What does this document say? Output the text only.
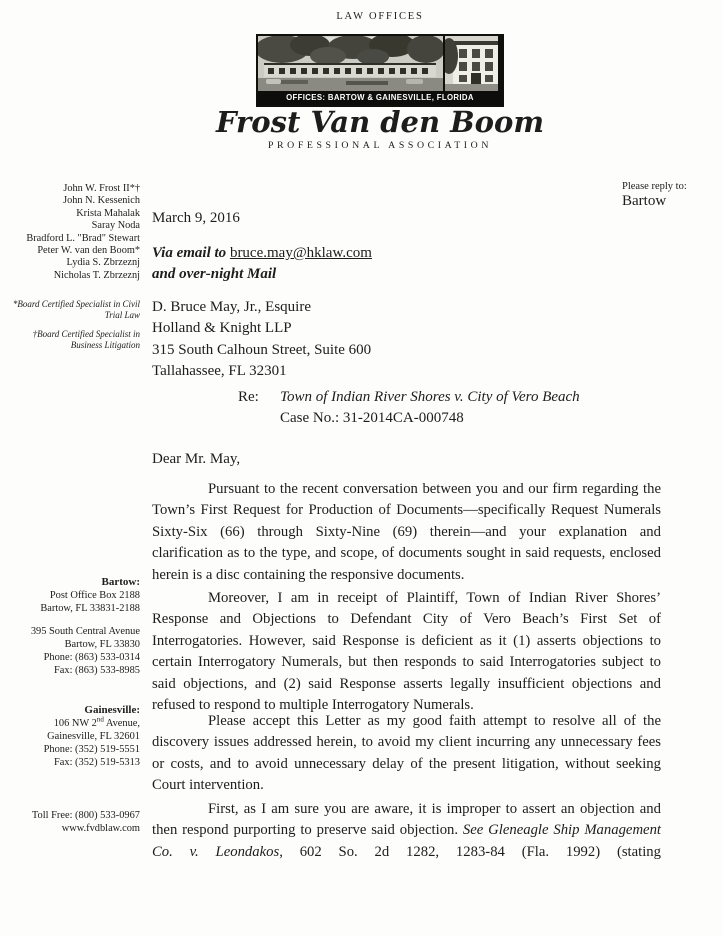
LAW OFFICES
OFFICES: BARTOW & GAINESVILLE, FLORIDA
Frost Van den Boom
PROFESSIONAL ASSOCIATION
Please reply to:
Bartow
John W. Frost II*†
John N. Kessenich
Krista Mahalak
Saray Noda
Bradford L. "Brad" Stewart
Peter W. van den Boom*
Lydia S. Zbrzeznj
Nicholas T. Zbrzeznj
*Board Certified Specialist in Civil Trial Law
†Board Certified Specialist in Business Litigation
Bartow:
Post Office Box 2188
Bartow, FL 33831-2188
395 South Central Avenue
Bartow, FL 33830
Phone: (863) 533-0314
Fax: (863) 533-8985
Gainesville:
106 NW 2nd Avenue,
Gainesville, FL 32601
Phone: (352) 519-5551
Fax: (352) 519-5313
Toll Free: (800) 533-0967
www.fvdblaw.com
March 9, 2016
Via email to bruce.may@hklaw.com
and over-night Mail
D. Bruce May, Jr., Esquire
Holland & Knight LLP
315 South Calhoun Street, Suite 600
Tallahassee, FL 32301
Re:	Town of Indian River Shores v. City of Vero Beach
Case No.: 31-2014CA-000748
Dear Mr. May,

Pursuant to the recent conversation between you and our firm regarding the Town’s First Request for Production of Documents—specifically Request Numerals Sixty-Six (66) through Sixty-Nine (69) therein—and your explanation and clarification as to the type, and scope, of documents sought in said requests, enclosed herein is a disc containing the responsive documents.

Moreover, I am in receipt of Plaintiff, Town of Indian River Shores’ Response and Objections to Defendant City of Vero Beach’s First Set of Interrogatories. However, said Response is deficient as it (1) asserts objections to certain Interrogatory Numerals, but then responds to said Interrogatories subject to said objections, and (2) said Response asserts legally insufficient objections and refused to respond to multiple Interrogatory Numerals.

Please accept this Letter as my good faith attempt to resolve all of the discovery issues addressed herein, to avoid my client incurring any unnecessary fees or costs, and to avoid unnecessary delay of the present litigation, without seeking Court intervention.

First, as I am sure you are aware, it is improper to assert an objection and then respond purporting to preserve said objection. See Gleneagle Ship Management Co. v. Leondakos, 602 So. 2d 1282, 1283-84 (Fla. 1992) (stating
